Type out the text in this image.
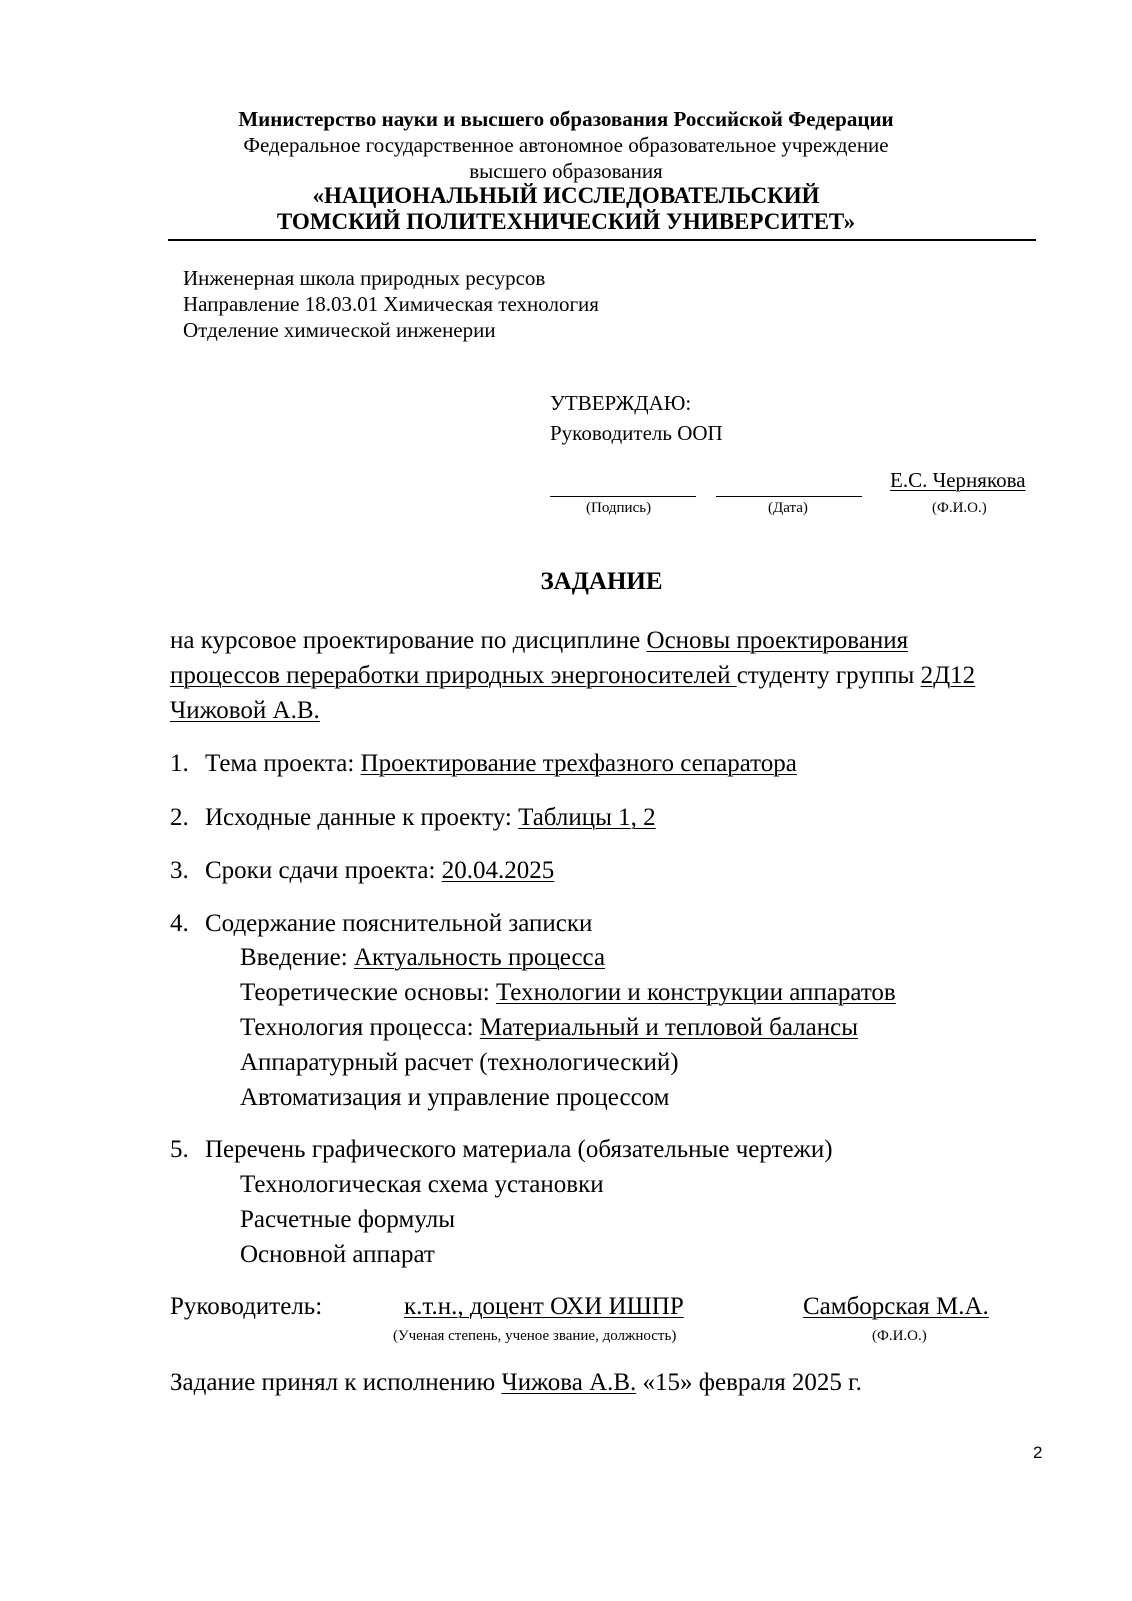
Министерство науки и высшего образования Российской Федерации
Федеральное государственное автономное образовательное учреждение
высшего образования
«НАЦИОНАЛЬНЫЙ ИССЛЕДОВАТЕЛЬСКИЙ
ТОМСКИЙ ПОЛИТЕХНИЧЕСКИЙ УНИВЕРСИТЕТ»
Инженерная школа природных ресурсов
Направление 18.03.01 Химическая технология
Отделение химической инженерии
УТВЕРЖДАЮ:
Руководитель ООП
Е.С. Чернякова
(Подпись)	(Дата)	(Ф.И.О.)
ЗАДАНИЕ
на курсовое проектирование по дисциплине Основы проектирования
процессов переработки природных энергоносителей студенту группы 2Д12
Чижовой А.В.
1. Тема проекта: Проектирование трехфазного сепаратора
2. Исходные данные к проекту: Таблицы 1, 2
3. Сроки сдачи проекта: 20.04.2025
4. Содержание пояснительной записки
Введение: Актуальность процесса
Теоретические основы: Технологии и конструкции аппаратов
Технология процесса: Материальный и тепловой балансы
Аппаратурный расчет (технологический)
Автоматизация и управление процессом
5. Перечень графического материала (обязательные чертежи)
Технологическая схема установки
Расчетные формулы
Основной аппарат
Руководитель:	к.т.н., доцент ОХИ ИШПР	Самборская М.А.
(Ученая степень, ученое звание, должность)	(Ф.И.О.)
Задание принял к исполнению Чижова А.В. «15» февраля 2025 г.
2
